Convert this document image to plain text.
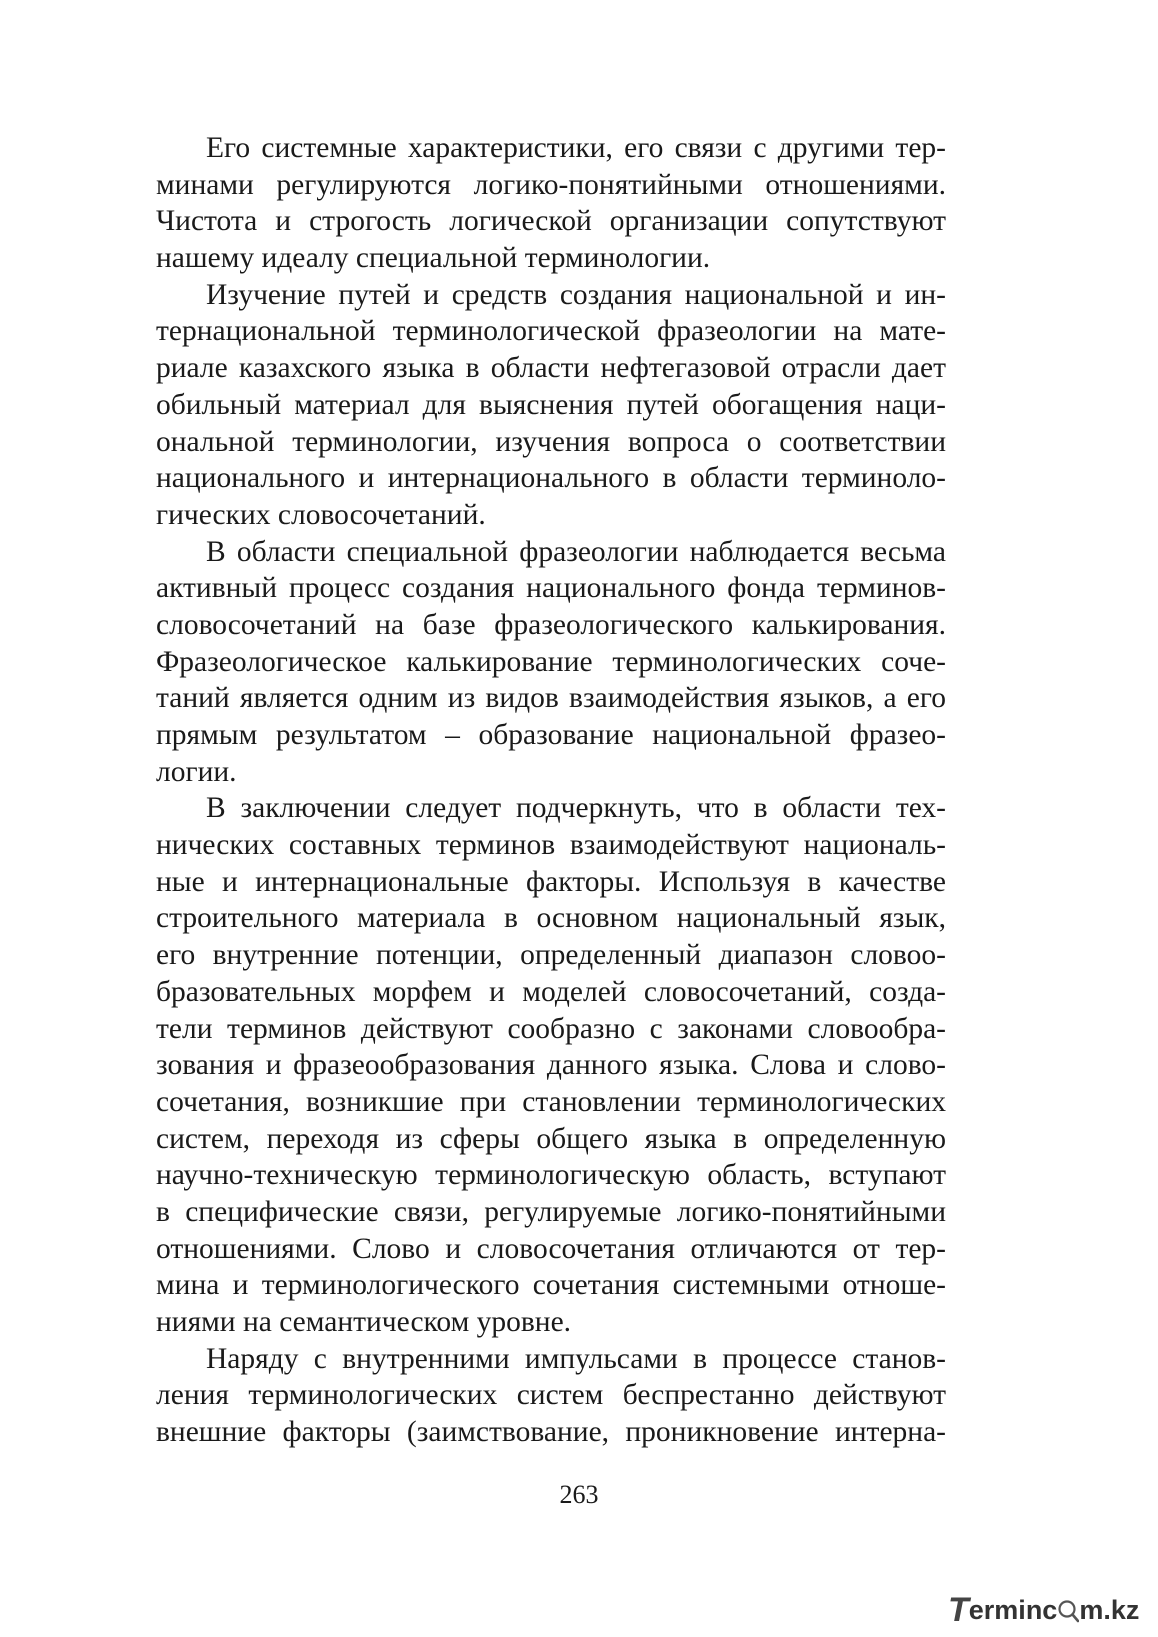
Его системные характеристики, его связи с другими тер-
минами регулируются логико-понятийными отношениями.
Чистота и строгость логической организации сопутствуют
нашему идеалу специальной терминологии.
Изучение путей и средств создания национальной и ин-
тернациональной терминологической фразеологии на мате-
риале казахского языка в области нефтегазовой отрасли дает
обильный материал для выяснения путей обогащения наци-
ональной терминологии, изучения вопроса о соответствии
национального и интернационального в области терминоло-
гических словосочетаний.
В области специальной фразеологии наблюдается весьма
активный процесс создания национального фонда терминов-
словосочетаний на базе фразеологического калькирования.
Фразеологическое калькирование терминологических соче-
таний является одним из видов взаимодействия языков, а его
прямым результатом – образование национальной фразео-
логии.
В заключении следует подчеркнуть, что в области тех-
нических составных терминов взаимодействуют националь-
ные и интернациональные факторы. Используя в качестве
строительного материала в основном национальный язык,
его внутренние потенции, определенный диапазон словоо-
бразовательных морфем и моделей словосочетаний, созда-
тели терминов действуют сообразно с законами словообра-
зования и фразеообразования данного языка. Слова и слово-
сочетания, возникшие при становлении терминологических
систем, переходя из сферы общего языка в определенную
научно-техническую терминологическую область, вступают
в специфические связи, регулируемые логико-понятийными
отношениями. Слово и словосочетания отличаются от тер-
мина и терминологического сочетания системными отноше-
ниями на семантическом уровне.
Наряду с внутренними импульсами в процессе станов-
ления терминологических систем беспрестанно действуют
внешние факторы (заимствование, проникновение интерна-
263
Terminc m.kz
